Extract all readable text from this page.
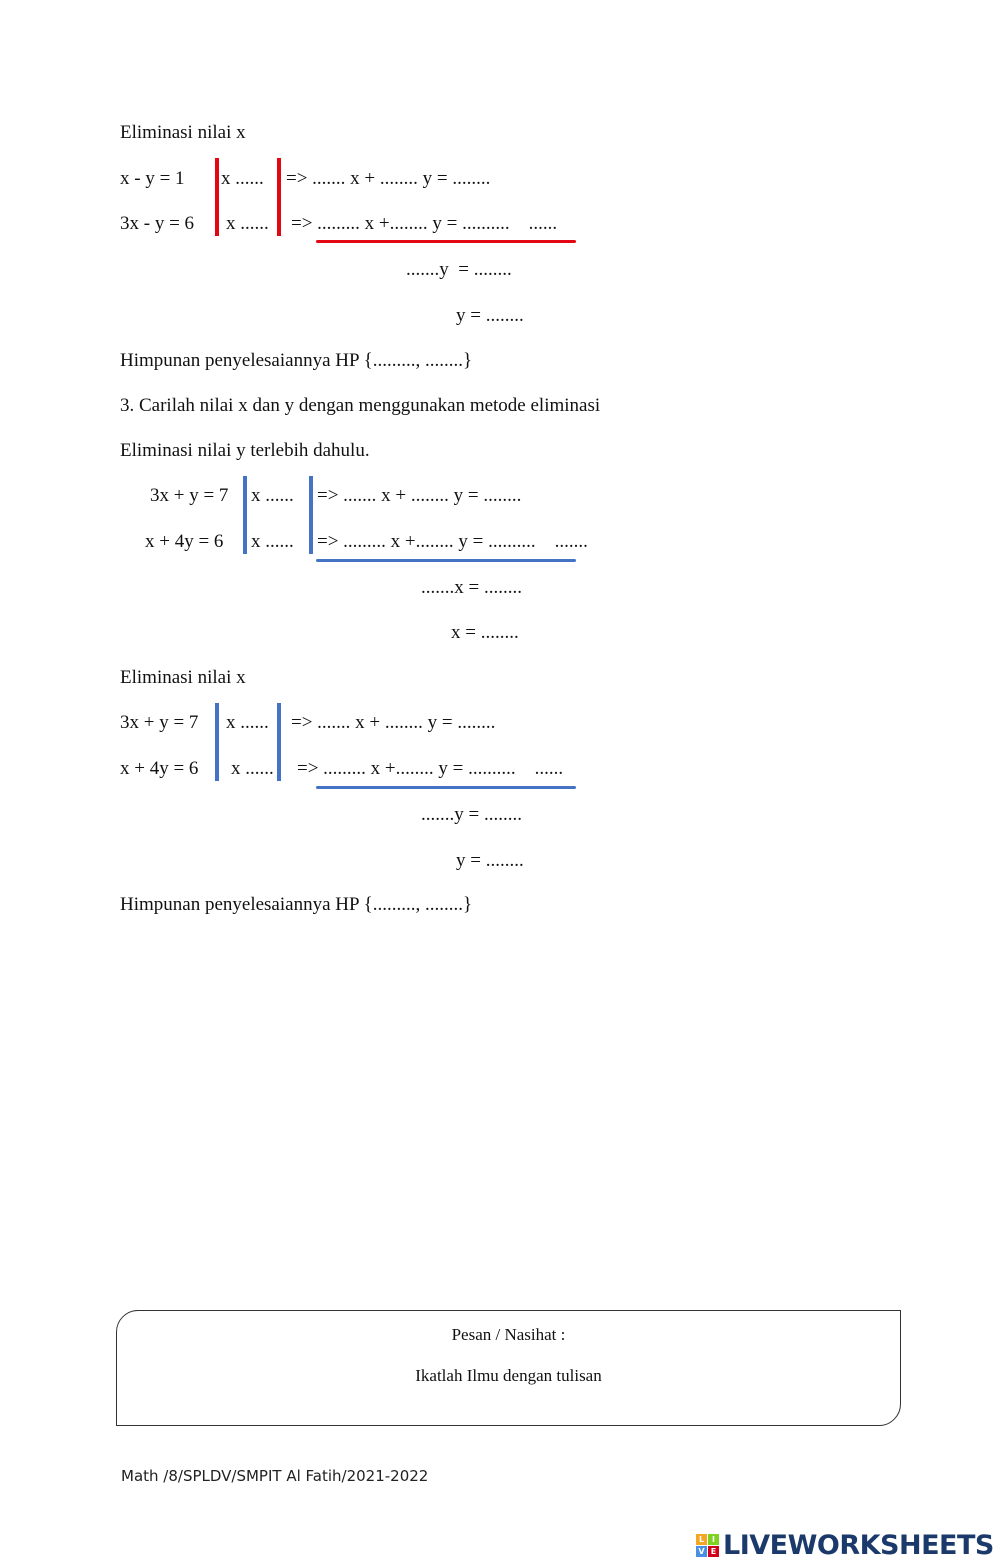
Eliminasi nilai x
x - y = 1 x ...... => ....... x + ........ y = ........
3x - y = 6 x ...... => ......... x +........ y = ..........    ......
.......y  = ........
y = ........
Himpunan penyelesaiannya HP {........., ........}
3. Carilah nilai x dan y dengan menggunakan metode eliminasi
Eliminasi nilai y terlebih dahulu.
3x + y = 7 x ...... => ....... x + ........ y = ........
x + 4y = 6 x ...... => ......... x +........ y = ..........    .......
.......x = ........
x = ........
Eliminasi nilai x
3x + y = 7 x ...... => ....... x + ........ y = ........
x + 4y = 6 x ...... => ......... x +........ y = ..........    ......
.......y = ........
y = ........
Himpunan penyelesaiannya HP {........., ........}
Pesan / Nasihat :
Ikatlah Ilmu dengan tulisan
Math /8/SPLDV/SMPIT Al Fatih/2021-2022
L I
V E LIVEWORKSHEETS
